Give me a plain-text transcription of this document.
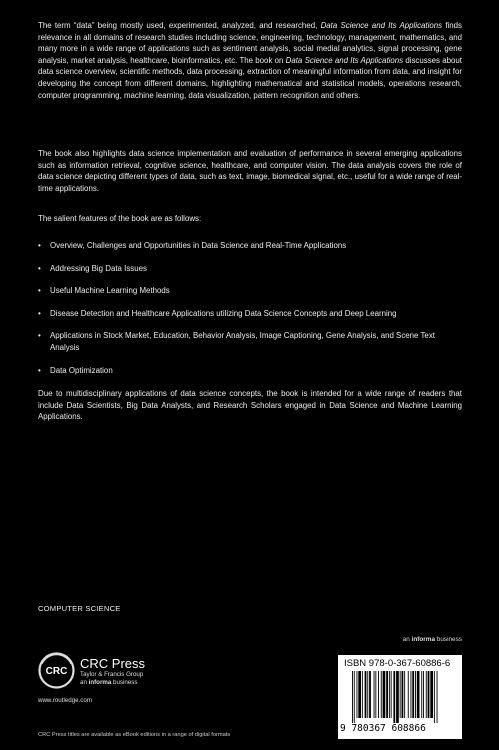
The term “data” being mostly used, experimented, analyzed, and researched, Data Science and Its Applications finds relevance in all domains of research studies including science, engineering, technology, management, mathematics, and many more in a wide range of applications such as sentiment analysis, social medial analytics, signal processing, gene analysis, market analysis, healthcare, bioinformatics, etc. The book on Data Science and Its Applications discusses about data science overview, scientific methods, data processing, extraction of meaningful information from data, and insight for developing the concept from different domains, highlighting mathematical and statistical models, operations research, computer programming, machine learning, data visualization, pattern recognition and others.
The book also highlights data science implementation and evaluation of performance in several emerging applications such as information retrieval, cognitive science, healthcare, and computer vision. The data analysis covers the role of data science depicting different types of data, such as text, image, biomedical signal, etc., useful for a wide range of real-time applications.
The salient features of the book are as follows:
• Overview, Challenges and Opportunities in Data Science and Real-Time Applications
• Addressing Big Data Issues
• Useful Machine Learning Methods
• Disease Detection and Healthcare Applications utilizing Data Science Concepts and Deep Learning
• Applications in Stock Market, Education, Behavior Analysis, Image Captioning, Gene Analysis, and Scene Text Analysis
• Data Optimization
Due to multidisciplinary applications of data science concepts, the book is intended for a wide range of readers that include Data Scientists, Big Data Analysts, and Research Scholars engaged in Data Science and Machine Learning Applications.
COMPUTER SCIENCE
an informa business
CRC
CRC Press
Taylor & Francis Group
an informa business
www.routledge.com
CRC Press titles are available as eBook editions in a range of digital formats
ISBN 978-0-367-60886-6
9 780367 608866
